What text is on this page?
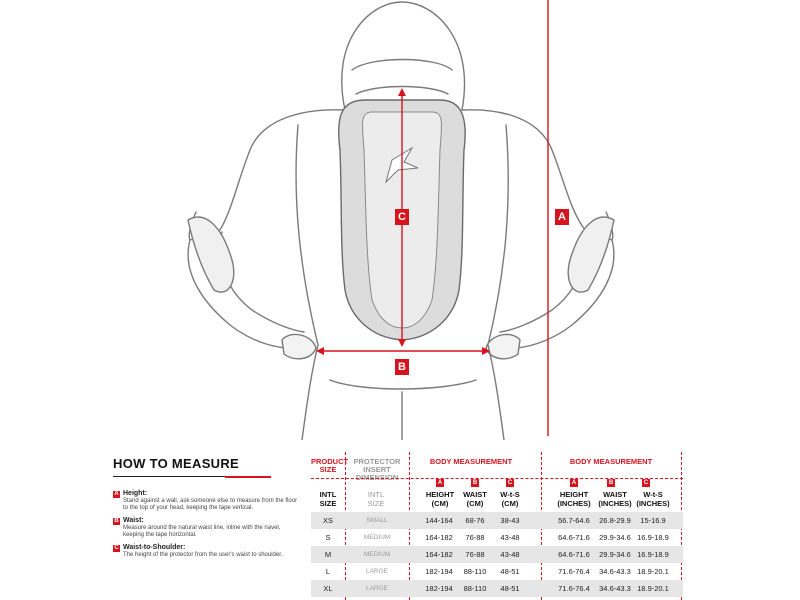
C	A
B
HOW TO MEASURE
A Height:
Stand against a wall, ask someone else to measure from the floor to the top of your head, keeping the tape vertical.
B Waist:
Measure around the natural waist line, inline with the navel, keeping the tape horizontal.
C Waist-to-Shoulder:
The height of the protector from the user's waist to shoulder.
PRODUCT SIZE
PROTECTOR INSERT DIMENSION
BODY MEASUREMENT	BODY MEASUREMENT
INTL SIZE
INTL SIZE
A	B	C
HEIGHT (CM)
WAIST (CM)
W-t-S (CM)
A	B	C
HEIGHT (INCHES)
WAIST (INCHES)
W-t-S (INCHES)
XS	SMALL	144-164	68-76	38-43	56.7-64.6	26.8-29.9	15-16.9
S	MEDIUM	164-182	76-88	43-48	64.6-71.6	29.9-34.6 16.9-18.9
M	MEDIUM	164-182	76-88	43-48	64.6-71.6	29.9-34.6 16.9-18.9
L	LARGE	182-194	88-110	48-51	71.6-76.4	34.6-43.3 18.9-20.1
XL	LARGE	182-194	88-110	48-51	71.6-76.4	34.6-43.3 18.9-20.1
